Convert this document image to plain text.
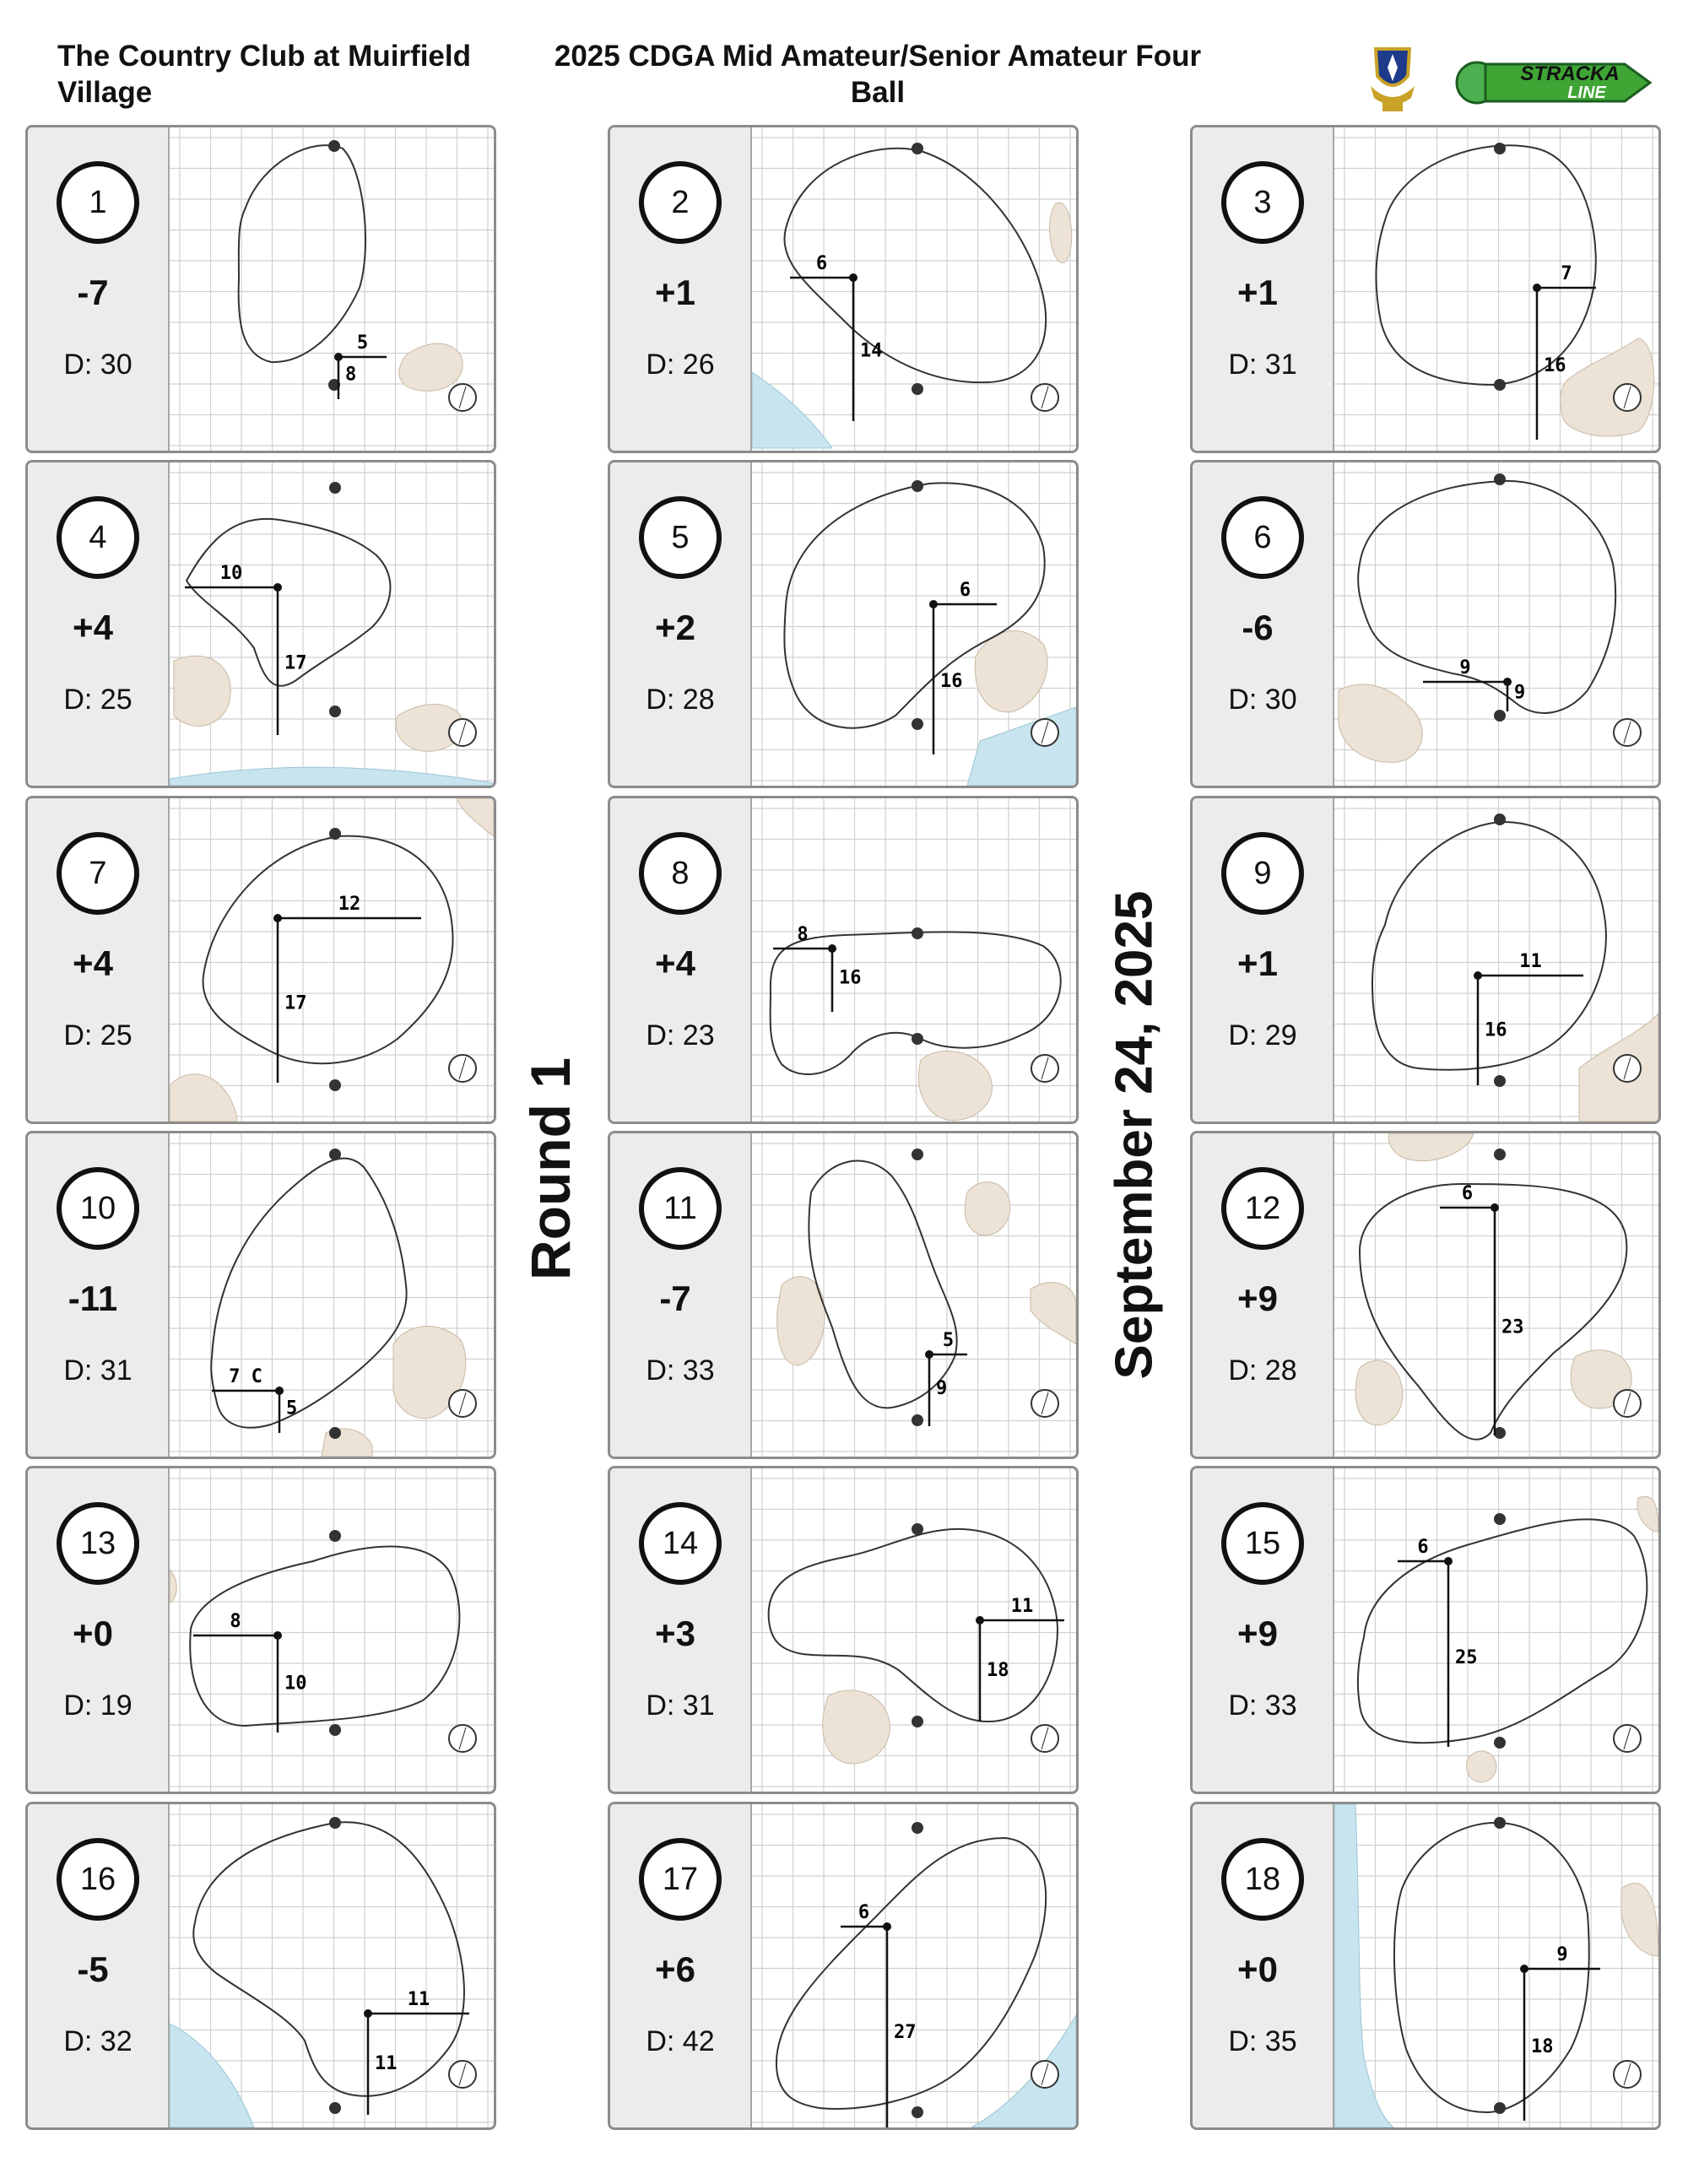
The Country Club at Muirfield Village
2025 CDGA Mid Amateur/Senior Amateur Four Ball
STRACKA
LINE
Round 1	September 24, 2025
1
-7
D: 30
5
8
2
+1
D: 26
6
14
3
+1
D: 31
7
16
4
+4
D: 25
10
17
5
+2
D: 28
6
16
6
-6
D: 30
9
9
7
+4
D: 25
12
17
8
+4
D: 23
8
16
9
+1
D: 29
11
16
10
-11
D: 31	7 C
5
11
-7
D: 33
5
9
12
+9
D: 28
6
23
13
+0
D: 19
8
10
14
+3
D: 31
11
18
15
+9
D: 33
6
25
16
-5
D: 32
11
11
17
+6
D: 42
6
27
18
+0
D: 35
9
18
